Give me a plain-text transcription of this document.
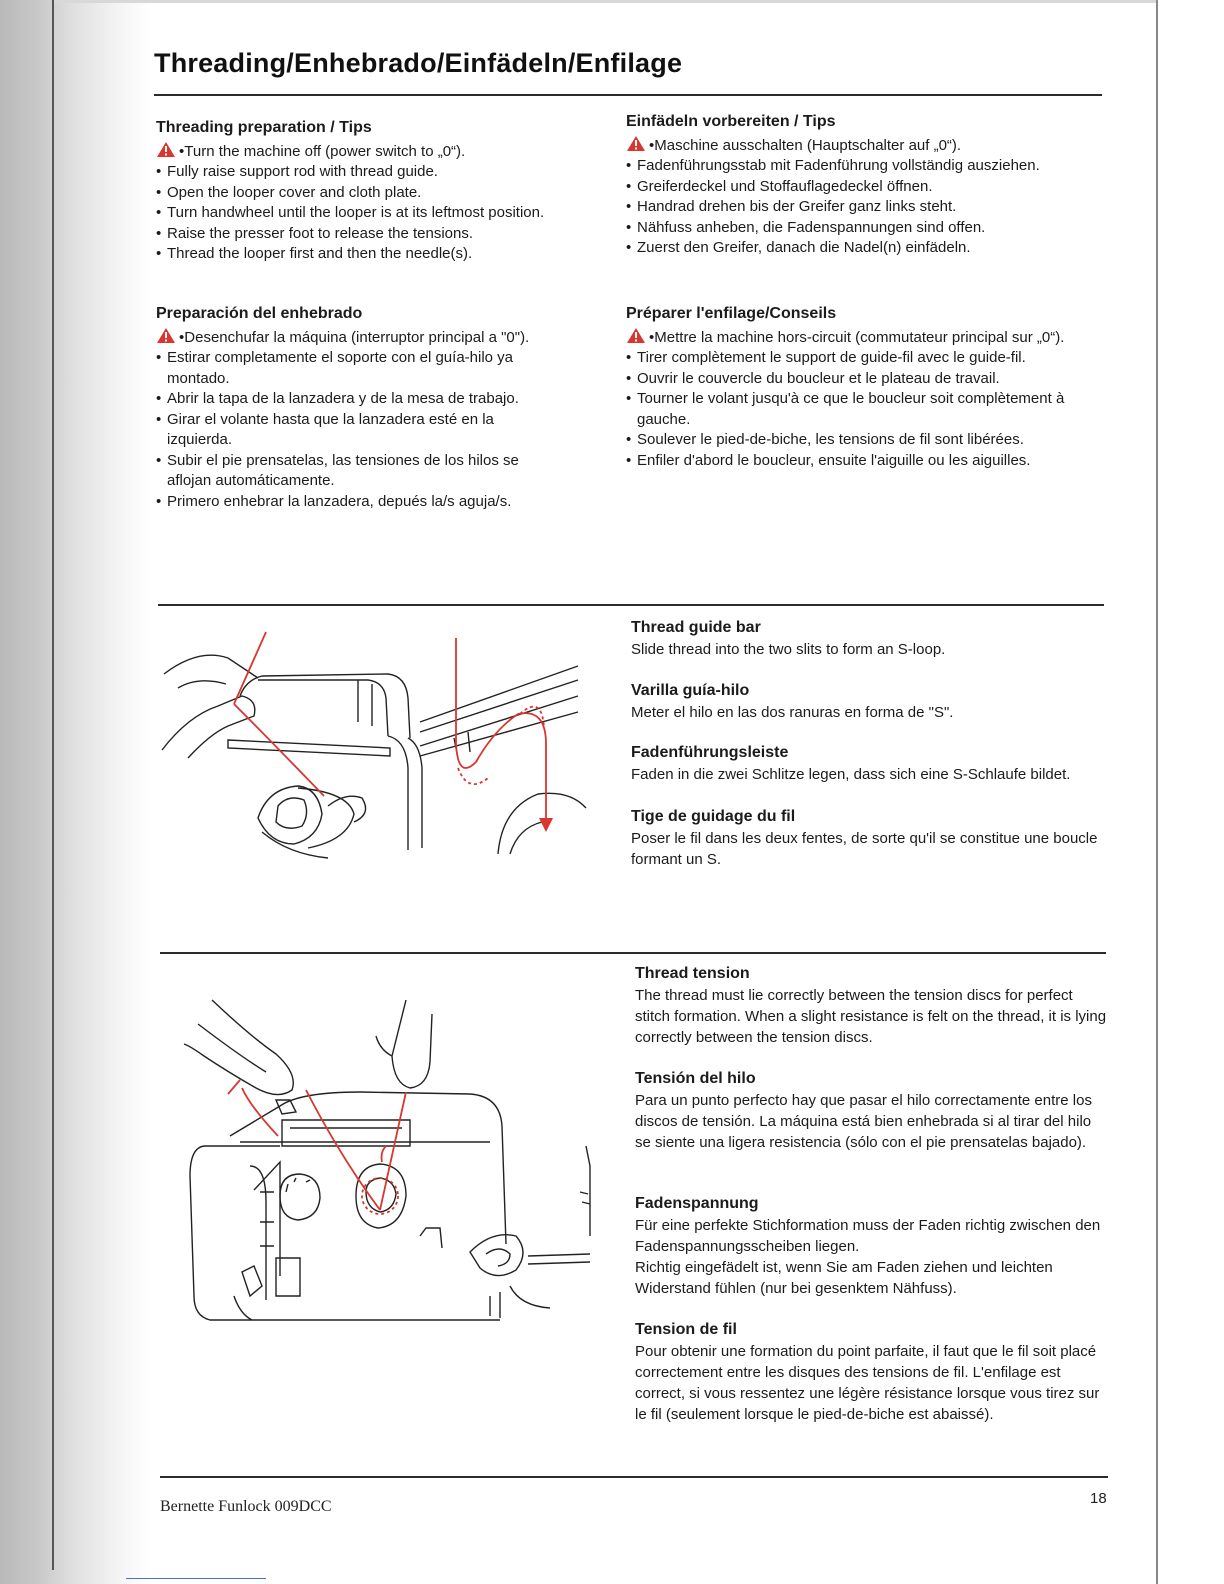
Threading/Enhebrado/Einfädeln/Enfilage
Threading preparation / Tips
• Turn the machine off (power switch to „0“).
• Fully raise support rod with thread guide.
• Open the looper cover and cloth plate.
• Turn handwheel until the looper is at its leftmost position.
• Raise the presser foot to release the tensions.
• Thread the looper first and then the needle(s).
Preparación del enhebrado
• Desenchufar la máquina (interruptor principal a "0").
• Estirar completamente el soporte con el guía-hilo ya montado.
• Abrir la tapa de la lanzadera y de la mesa de trabajo.
• Girar el volante hasta que la lanzadera esté en la izquierda.
• Subir el pie prensatelas, las tensiones de los hilos se aflojan automáticamente.
• Primero enhebrar la lanzadera, depués la/s aguja/s.
Einfädeln vorbereiten / Tips
• Maschine ausschalten (Hauptschalter auf „0“).
• Fadenführungsstab mit Fadenführung vollständig ausziehen.
• Greiferdeckel und Stoffauflagedeckel öffnen.
• Handrad drehen bis der Greifer ganz links steht.
• Nähfuss anheben, die Fadenspannungen sind offen.
• Zuerst den Greifer, danach die Nadel(n) einfädeln.
Préparer l'enfilage/Conseils
• Mettre la machine hors-circuit (commutateur principal sur „0“).
• Tirer complètement le support de guide-fil avec le guide-fil.
• Ouvrir le couvercle du boucleur et le plateau de travail.
• Tourner le volant jusqu'à ce que le boucleur soit complètement à gauche.
• Soulever le pied-de-biche, les tensions de fil sont libérées.
• Enfiler d'abord le boucleur, ensuite l'aiguille ou les aiguilles.
Thread guide bar

Slide thread into the two slits to form an S-loop.

Varilla guía-hilo

Meter el hilo en las dos ranuras en forma de "S".

Fadenführungsleiste

Faden in die zwei Schlitze legen, dass sich eine S-Schlaufe bildet.

Tige de guidage du fil

Poser le fil dans les deux fentes, de sorte qu'il se constitue une boucle formant un S.

Thread tension

The thread must lie correctly between the tension discs for perfect stitch formation. When a slight resistance is felt on the thread, it is lying correctly between the tension discs.

Tensión del hilo

Para un punto perfecto hay que pasar el hilo correctamente entre los discos de tensión. La máquina está bien enhebrada si al tirar del hilo se siente una ligera resistencia (sólo con el pie prensatelas bajado).

Fadenspannung

Für eine perfekte Stichformation muss der Faden richtig zwischen den Fadenspannungsscheiben liegen.

Richtig eingefädelt ist, wenn Sie am Faden ziehen und leichten Widerstand fühlen (nur bei gesenktem Nähfuss).

Tension de fil

Pour obtenir une formation du point parfaite, il faut que le fil soit placé correctement entre les disques des tensions de fil. L'enfilage est correct, si vous ressentez une légère résistance lorsque vous tirez sur le fil (seulement lorsque le pied-de-biche est abaissé).

Bernette Funlock 009DCC	18
